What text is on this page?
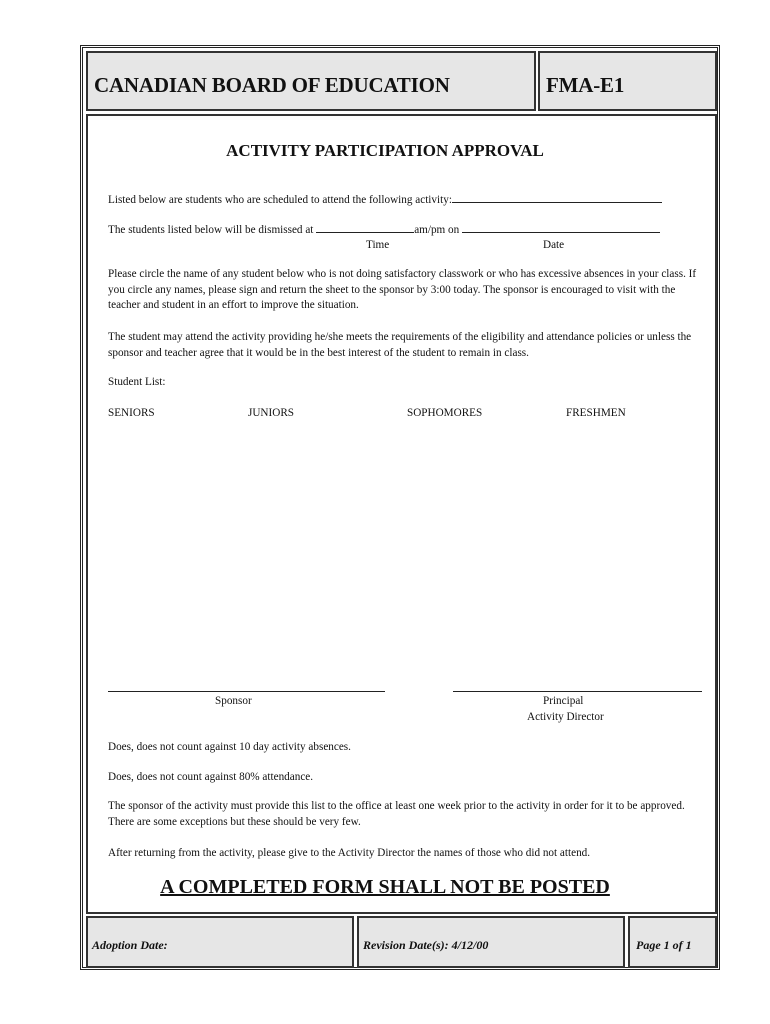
CANADIAN BOARD OF EDUCATION	FMA-E1
Adoption Date:	Revision Date(s): 4/12/00	Page 1 of 1
ACTIVITY PARTICIPATION APPROVAL
Listed below are students who are scheduled to attend the following activity:
The students listed below will be dismissed at	am/pm on
Time	Date
Please circle the name of any student below who is not doing satisfactory classwork or who has excessive absences in your class. If you circle any names, please sign and return the sheet to the sponsor by 3:00 today. The sponsor is encouraged to visit with the teacher and student in an effort to improve the situation.
The student may attend the activity providing he/she meets the requirements of the eligibility and attendance policies or unless the sponsor and teacher agree that it would be in the best interest of the student to remain in class.
Student List:
SENIORS	JUNIORS	SOPHOMORES	FRESHMEN
Sponsor	Principal
Activity Director
Does, does not count against 10 day activity absences.
Does, does not count against 80% attendance.
The sponsor of the activity must provide this list to the office at least one week prior to the activity in order for it to be approved. There are some exceptions but these should be very few.
After returning from the activity, please give to the Activity Director the names of those who did not attend.
A COMPLETED FORM SHALL NOT BE POSTED
